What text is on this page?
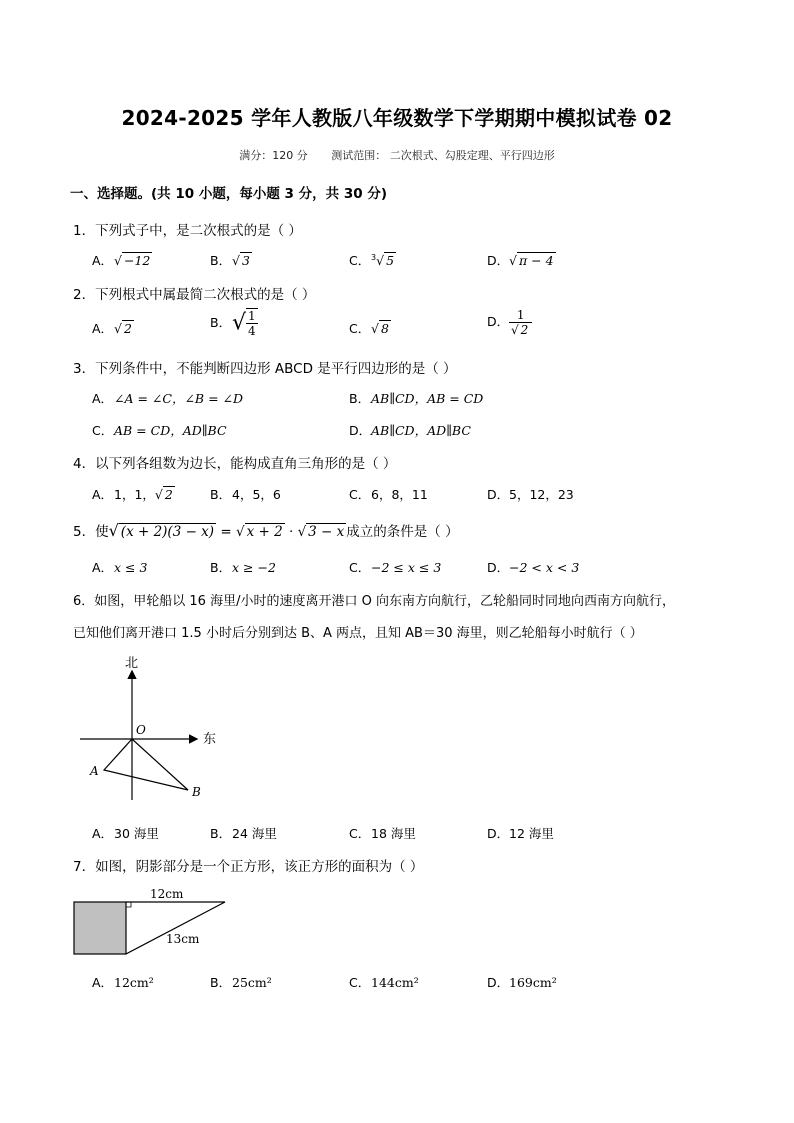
2024-2025 学年人教版八年级数学下学期期中模拟试卷 02
满分：120 分 测试范围： 二次根式、勾股定理、平行四边形
一、选择题。(共 10 小题，每小题 3 分，共 30 分)
1．下列式子中，是二次根式的是（ ）
A．√ −12	B．√ 3	C．$^3$√ 5	D．√ π − 4
2．下列根式中属最简二次根式的是（ ）
A．√ 2	B．√ $\frac{1}{4}$	C．√ 8	D． $\frac{1}{√ 2}$
3．下列条件中，不能判断四边形 ABCD 是平行四边形的是（ ）
A．∠A = ∠C，∠B = ∠D	B．AB∥CD，AB = CD
C．AB = CD，AD∥BC	D．AB∥CD，AD∥BC
4．以下列各组数为边长，能构成直角三角形的是（ ）
A．1，1，√ 2	B．4，5，6	C．6，8，11	D．5，12，23
5．使√ (x + 2)(3 − x) = √ x + 2 · √ 3 − x 成立的条件是（ ）
A．x ≤ 3	B．x ≥ −2	C．−2 ≤ x ≤ 3	D．−2 < x < 3
6．如图，甲轮船以 16 海里/小时的速度离开港口 O 向东南方向航行，乙轮船同时同地向西南方向航行，
已知他们离开港口 1.5 小时后分别到达 B、A 两点，且知 AB＝30 海里，则乙轮船每小时航行（ ）
北
东
O
A
B
A．30 海里	B．24 海里	C．18 海里	D．12 海里
7．如图，阴影部分是一个正方形，该正方形的面积为（ ）
12cm
13cm
A．12cm²	B．25cm²	C．144cm²	D．169cm²
